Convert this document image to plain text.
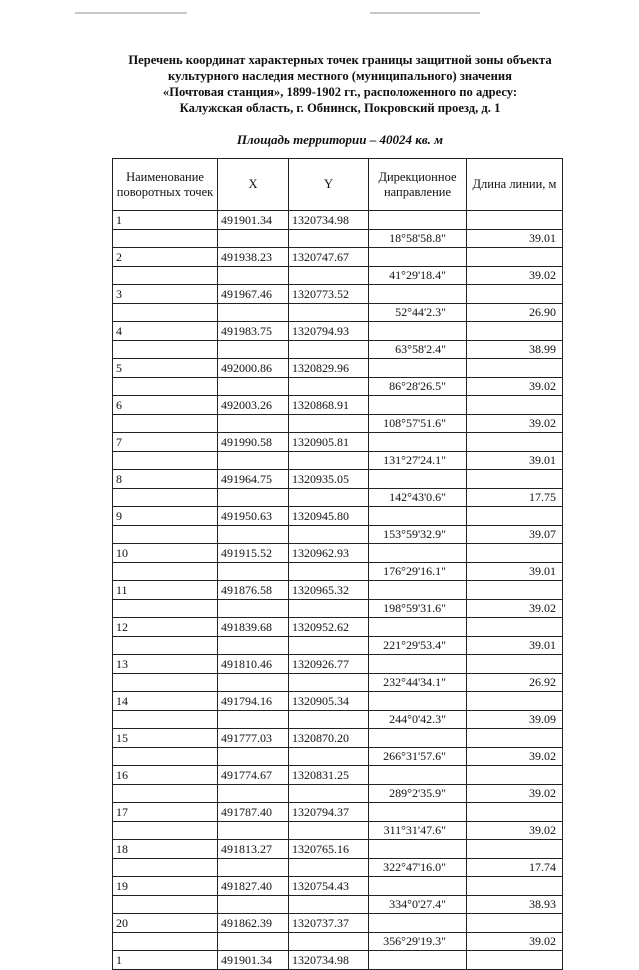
Перечень координат характерных точек границы защитной зоны объекта
культурного наследия местного (муниципального) значения
«Почтовая станция», 1899-1902 гг., расположенного по адресу:
Калужская область, г. Обнинск, Покровский проезд, д. 1
Площадь территории – 40024 кв. м
Наименование поворотных точек	X	Y	Дирекционное направление	Длина линии, м
1	491901.34	1320734.98		
			18°58'58.8"	39.01
2	491938.23	1320747.67		
			41°29'18.4"	39.02
3	491967.46	1320773.52		
			52°44'2.3"	26.90
4	491983.75	1320794.93		
			63°58'2.4"	38.99
5	492000.86	1320829.96		
			86°28'26.5"	39.02
6	492003.26	1320868.91		
			108°57'51.6"	39.02
7	491990.58	1320905.81		
			131°27'24.1"	39.01
8	491964.75	1320935.05		
			142°43'0.6"	17.75
9	491950.63	1320945.80		
			153°59'32.9"	39.07
10	491915.52	1320962.93		
			176°29'16.1"	39.01
11	491876.58	1320965.32		
			198°59'31.6"	39.02
12	491839.68	1320952.62		
			221°29'53.4"	39.01
13	491810.46	1320926.77		
			232°44'34.1"	26.92
14	491794.16	1320905.34		
			244°0'42.3"	39.09
15	491777.03	1320870.20		
			266°31'57.6"	39.02
16	491774.67	1320831.25		
			289°2'35.9"	39.02
17	491787.40	1320794.37		
			311°31'47.6"	39.02
18	491813.27	1320765.16		
			322°47'16.0"	17.74
19	491827.40	1320754.43		
			334°0'27.4"	38.93
20	491862.39	1320737.37		
			356°29'19.3"	39.02
1	491901.34	1320734.98		
